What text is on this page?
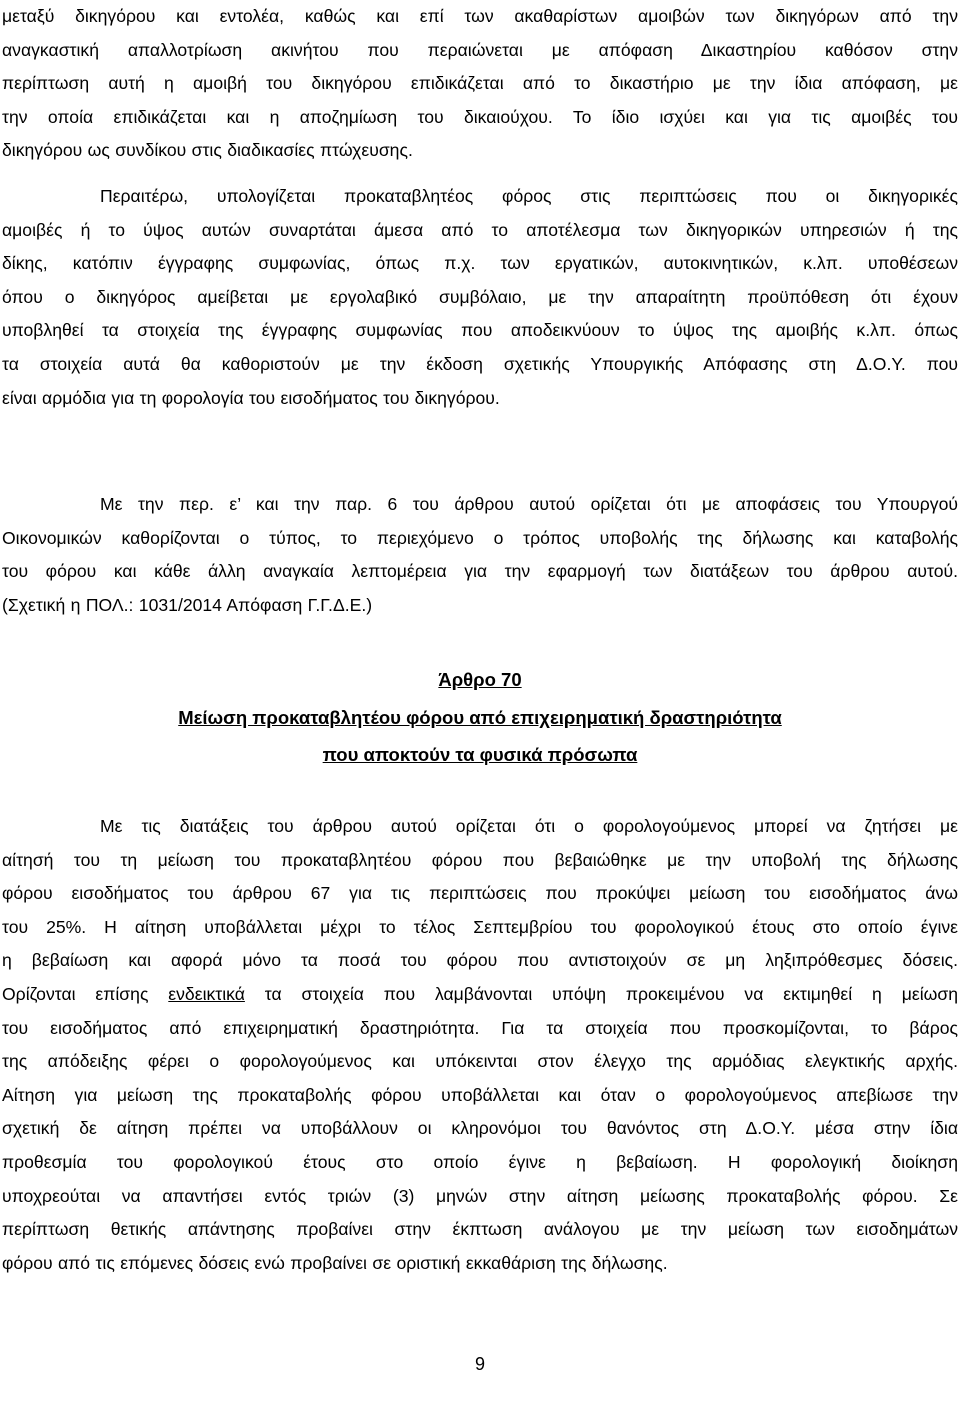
μεταξύ δικηγόρου και εντολέα, καθώς και επί των ακαθαρίστων αμοιβών των δικηγόρων από την
αναγκαστική απαλλοτρίωση ακινήτου που περαιώνεται με απόφαση Δικαστηρίου καθόσον στην
περίπτωση αυτή η αμοιβή του δικηγόρου επιδικάζεται από το δικαστήριο με την ίδια απόφαση, με
την οποία επιδικάζεται και η αποζημίωση του δικαιούχου. Το ίδιο ισχύει και για τις αμοιβές του
δικηγόρου ως συνδίκου στις διαδικασίες πτώχευσης.
Περαιτέρω, υπολογίζεται προκαταβλητέος φόρος στις περιπτώσεις που οι δικηγορικές
αμοιβές ή το ύψος αυτών συναρτάται άμεσα από το αποτέλεσμα των δικηγορικών υπηρεσιών ή της
δίκης, κατόπιν έγγραφης συμφωνίας, όπως π.χ. των εργατικών, αυτοκινητικών, κ.λπ. υποθέσεων
όπου ο δικηγόρος αμείβεται με εργολαβικό συμβόλαιο, με την απαραίτητη προϋπόθεση ότι έχουν
υποβληθεί τα στοιχεία της έγγραφης συμφωνίας που αποδεικνύουν το ύψος της αμοιβής κ.λπ. όπως
τα στοιχεία αυτά θα καθοριστούν με την έκδοση σχετικής Υπουργικής Απόφασης στη Δ.Ο.Υ. που
είναι αρμόδια για τη φορολογία του εισοδήματος του δικηγόρου.
Με την περ. ε’ και την παρ. 6 του άρθρου αυτού ορίζεται ότι με αποφάσεις του Υπουργού
Οικονομικών καθορίζονται ο τύπος, το περιεχόμενο ο τρόπος υποβολής της δήλωσης και καταβολής
του φόρου και κάθε άλλη αναγκαία λεπτομέρεια για την εφαρμογή των διατάξεων του άρθρου αυτού.
(Σχετική η ΠΟΛ.: 1031/2014 Απόφαση Γ.Γ.Δ.Ε.)
Άρθρο 70
Μείωση προκαταβλητέου φόρου από επιχειρηματική δραστηριότητα
που αποκτούν τα φυσικά πρόσωπα
Με τις διατάξεις του άρθρου αυτού ορίζεται ότι ο φορολογούμενος μπορεί να ζητήσει με
αίτησή του τη μείωση του προκαταβλητέου φόρου που βεβαιώθηκε με την υποβολή της δήλωσης
φόρου εισοδήματος του άρθρου 67 για τις περιπτώσεις που προκύψει μείωση του εισοδήματος άνω
του 25%. Η αίτηση υποβάλλεται μέχρι το τέλος Σεπτεμβρίου του φορολογικού έτους στο οποίο έγινε
η βεβαίωση και αφορά μόνο τα ποσά του φόρου που αντιστοιχούν σε μη ληξιπρόθεσμες δόσεις.
Ορίζονται επίσης ενδεικτικά τα στοιχεία που λαμβάνονται υπόψη προκειμένου να εκτιμηθεί η μείωση
του εισοδήματος από επιχειρηματική δραστηριότητα. Για τα στοιχεία που προσκομίζονται, το βάρος
της απόδειξης φέρει ο φορολογούμενος και υπόκεινται στον έλεγχο της αρμόδιας ελεγκτικής αρχής.
Αίτηση για μείωση της προκαταβολής φόρου υποβάλλεται και όταν ο φορολογούμενος απεβίωσε την
σχετική δε αίτηση πρέπει να υποβάλλουν οι κληρονόμοι του θανόντος στη Δ.Ο.Υ. μέσα στην ίδια
προθεσμία του φορολογικού έτους στο οποίο έγινε η βεβαίωση. Η φορολογική διοίκηση
υποχρεούται να απαντήσει εντός τριών (3) μηνών στην αίτηση μείωσης προκαταβολής φόρου. Σε
περίπτωση θετικής απάντησης προβαίνει στην έκπτωση ανάλογου με την μείωση των εισοδημάτων
φόρου από τις επόμενες δόσεις ενώ προβαίνει σε οριστική εκκαθάριση της δήλωσης.
9
